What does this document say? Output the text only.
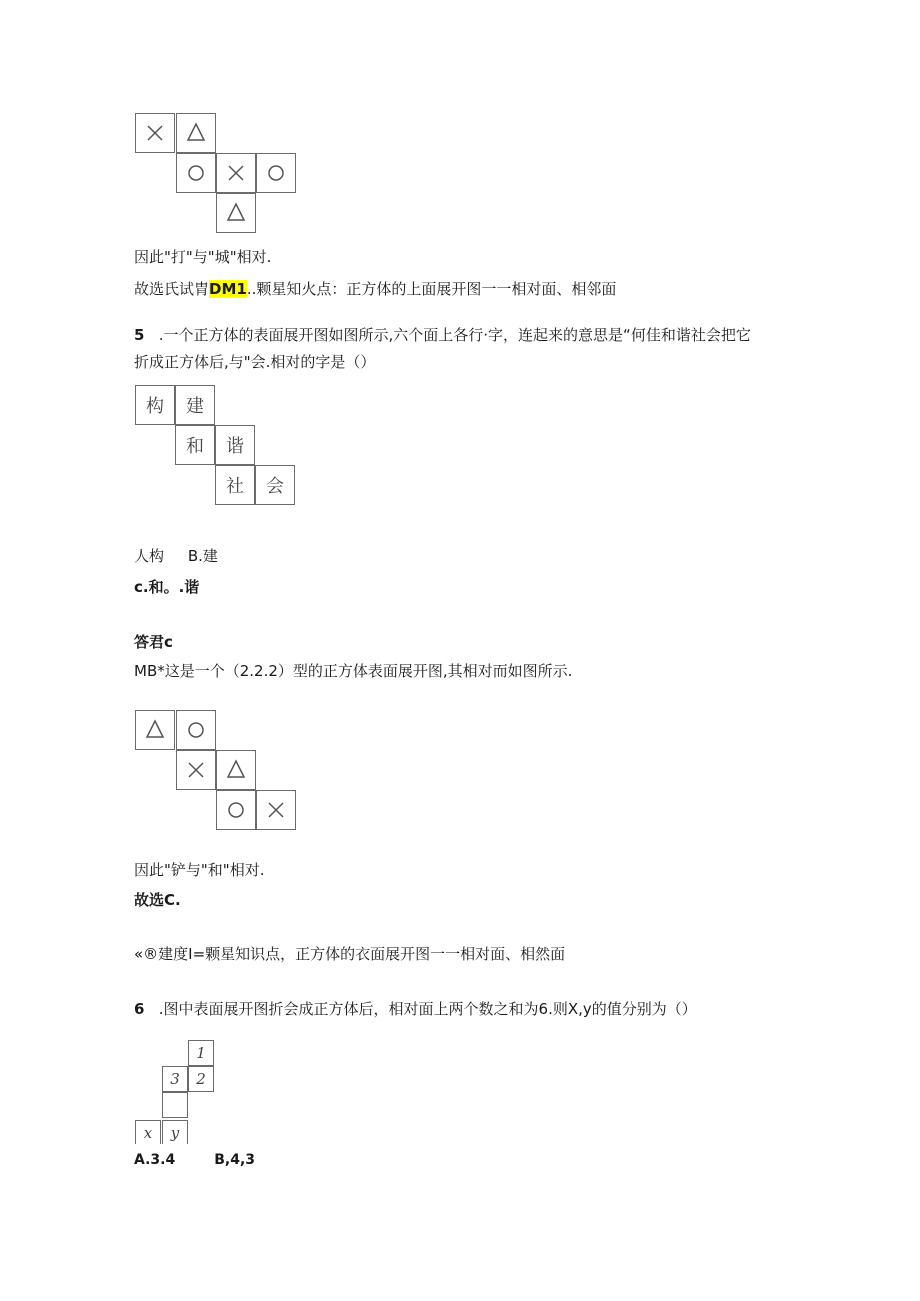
因此"打"与"城"相对.
故选氏试胄DM1..颗星知火点：正方体的上面展开图一一相对面、相邻面
5 .一个正方体的表面展开图如图所示,六个面上各行·字，连起来的意思是“何佳和谐社会把它
折成正方体后,与"会.相对的字是（）
构	建
和	谐
社	会
人构 B.建
c.和。.谐
答君c
MB*这是一个（2.2.2）型的正方体表面展开图,其相对而如图所示.
因此"铲与"和"相对.
故选C.
«®建度I=颗星知识点，正方体的衣面展开图一一相对面、相然面
6 .图中表面展开图折会成正方体后，相对面上两个数之和为6.则X,y的值分别为（）
1
3	2
x	y
A.3.4	B,4,3
